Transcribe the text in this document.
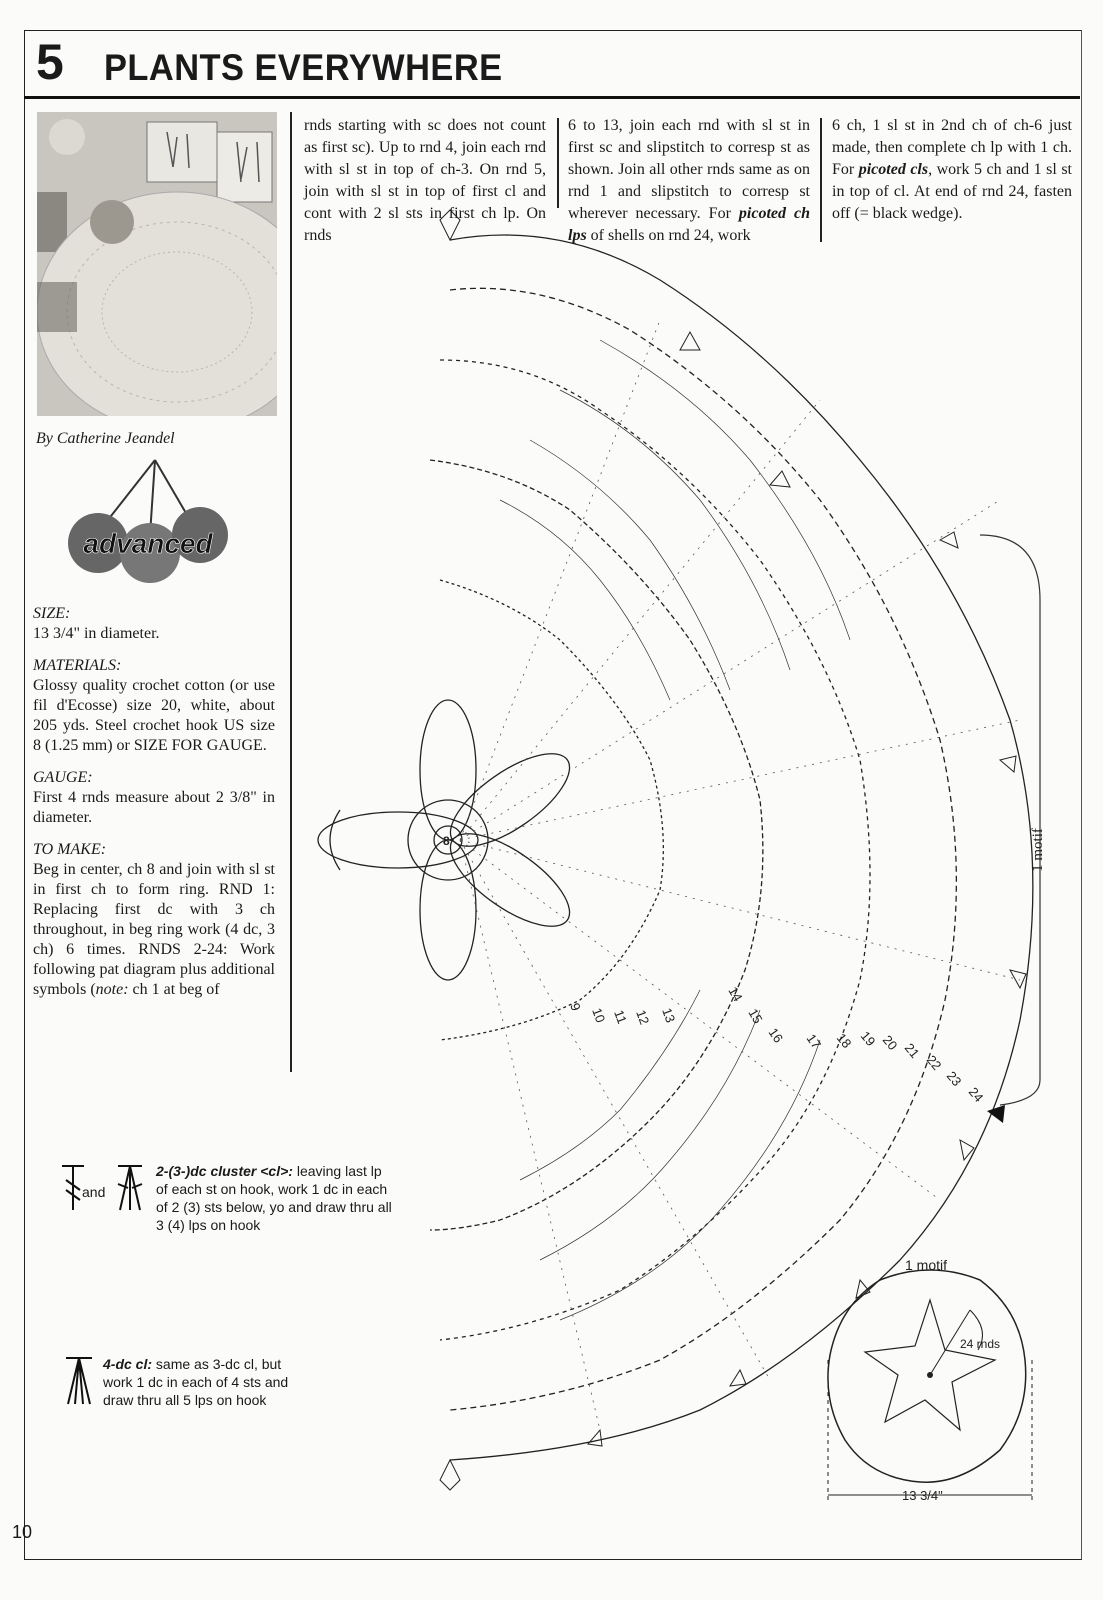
5 PLANTS EVERYWHERE
By Catherine Jeandel
advanced
SIZE:

13 3/4" in diameter.

MATERIALS:

Glossy quality crochet cotton (or use fil d'Ecosse) size 20, white, about 205 yds. Steel crochet hook US size 8 (1.25 mm) or SIZE FOR GAUGE.

GAUGE:

First 4 rnds measure about 2 3/8" in diameter.

TO MAKE:

Beg in center, ch 8 and join with sl st in first ch to form ring. RND 1: Replacing first dc with 3 ch throughout, in beg ring work (4 dc, 3 ch) 6 times. RNDS 2-24: Work following pat diagram plus additional symbols (note: ch 1 at beg of

rnds starting with sc does not count as first sc). Up to rnd 4, join each rnd with sl st in top of ch-3. On rnd 5, join with sl st in top of first cl and cont with 2 sl sts in first ch lp. On rnds
6 to 13, join each rnd with sl st in first sc and slipstitch to corresp st as shown. Join all other rnds same as on rnd 1 and slipstitch to corresp st wherever necessary. For picoted ch lps of shells on rnd 24, work
6 ch, 1 sl st in 2nd ch of ch-6 just made, then complete ch lp with 1 ch. For picoted cls, work 5 ch and 1 sl st in top of cl. At end of rnd 24, fasten off (= black wedge).
9 10 11 12 13
14
15
16 17 18 19 20 21
22
23
24
8	1 motif
and
2-(3-)dc cluster <cl>: leaving last lp of each st on hook, work 1 dc in each of 2 (3) sts below, yo and draw thru all 3 (4) lps on hook
4-dc cl: same as 3-dc cl, but work 1 dc in each of 4 sts and draw thru all 5 lps on hook
1 motif
24 rnds
13 3/4"
10
